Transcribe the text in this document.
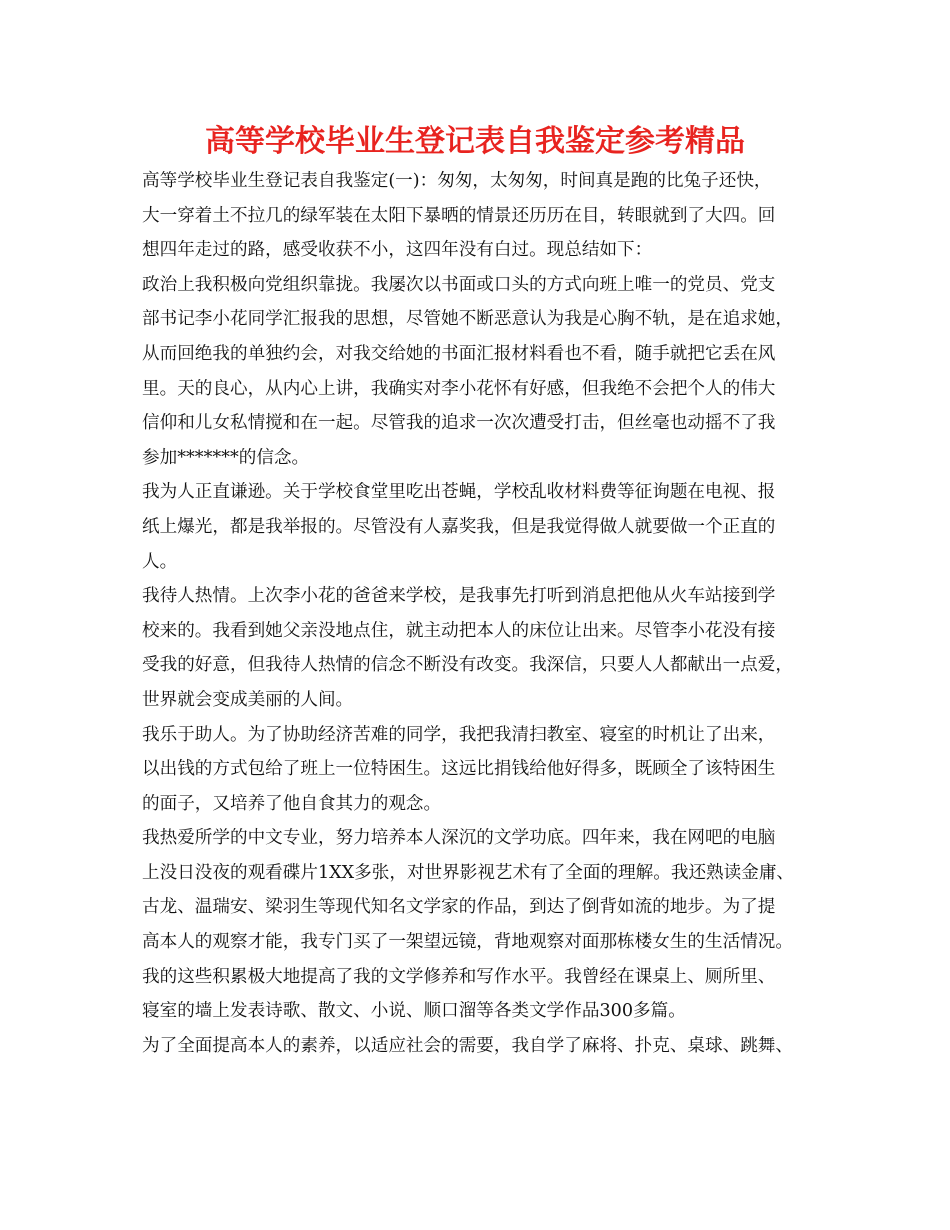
高等学校毕业生登记表自我鉴定参考精品

高等学校毕业生登记表自我鉴定(一)：匆匆，太匆匆，时间真是跑的比兔子还快，

大一穿着土不拉几的绿军装在太阳下暴晒的情景还历历在目，转眼就到了大四。回

想四年走过的路，感受收获不小，这四年没有白过。现总结如下：

政治上我积极向党组织靠拢。我屡次以书面或口头的方式向班上唯一的党员、党支

部书记李小花同学汇报我的思想，尽管她不断恶意认为我是心胸不轨，是在追求她，

从而回绝我的单独约会，对我交给她的书面汇报材料看也不看，随手就把它丢在风

里。天的良心，从内心上讲，我确实对李小花怀有好感，但我绝不会把个人的伟大

信仰和儿女私情搅和在一起。尽管我的追求一次次遭受打击，但丝毫也动摇不了我

参加*******的信念。

我为人正直谦逊。关于学校食堂里吃出苍蝇，学校乱收材料费等征询题在电视、报

纸上爆光，都是我举报的。尽管没有人嘉奖我，但是我觉得做人就要做一个正直的

人。

我待人热情。上次李小花的爸爸来学校，是我事先打听到消息把他从火车站接到学

校来的。我看到她父亲没地点住，就主动把本人的床位让出来。尽管李小花没有接

受我的好意，但我待人热情的信念不断没有改变。我深信，只要人人都献出一点爱，

世界就会变成美丽的人间。

我乐于助人。为了协助经济苦难的同学，我把我清扫教室、寝室的时机让了出来，

以出钱的方式包给了班上一位特困生。这远比捐钱给他好得多，既顾全了该特困生

的面子，又培养了他自食其力的观念。

我热爱所学的中文专业，努力培养本人深沉的文学功底。四年来，我在网吧的电脑

上没日没夜的观看碟片1XX多张，对世界影视艺术有了全面的理解。我还熟读金庸、

古龙、温瑞安、梁羽生等现代知名文学家的作品，到达了倒背如流的地步。为了提

高本人的观察才能，我专门买了一架望远镜，背地观察对面那栋楼女生的生活情况。

我的这些积累极大地提高了我的文学修养和写作水平。我曾经在课桌上、厕所里、

寝室的墙上发表诗歌、散文、小说、顺口溜等各类文学作品300多篇。

为了全面提高本人的素养，以适应社会的需要，我自学了麻将、扑克、桌球、跳舞、
